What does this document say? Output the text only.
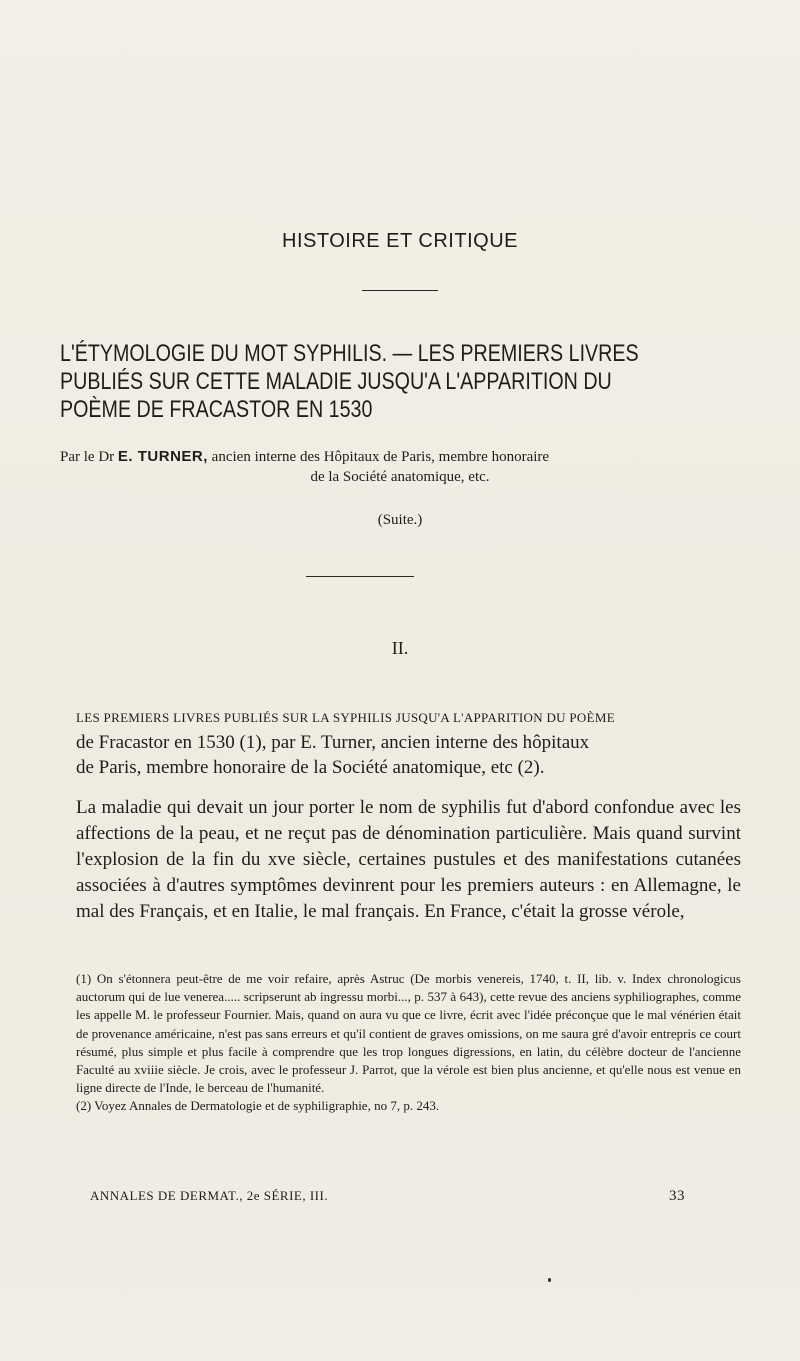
HISTOIRE ET CRITIQUE
L'ÉTYMOLOGIE DU MOT SYPHILIS. — LES PREMIERS LIVRES
PUBLIÉS SUR CETTE MALADIE JUSQU'A L'APPARITION DU
POÈME DE FRACASTOR EN 1530
Par le Dr E. TURNER, ancien interne des Hôpitaux de Paris, membre honoraire
de la Société anatomique, etc.
(Suite.)
II.
LES PREMIERS LIVRES PUBLIÉS SUR LA SYPHILIS JUSQU'A L'APPARITION DU POÈME
de Fracastor en 1530 (1), par E. Turner, ancien interne des hôpitaux
de Paris, membre honoraire de la Société anatomique, etc (2).

La maladie qui devait un jour porter le nom de syphilis fut d'abord confondue avec les affections de la peau, et ne reçut pas de dénomination particulière. Mais quand survint l'explosion de la fin du xve siècle, certaines pustules et des manifestations cutanées associées à d'autres symptômes devinrent pour les premiers auteurs : en Allemagne, le mal des Français, et en Italie, le mal français. En France, c'était la grosse vérole,

(1) On s'étonnera peut-être de me voir refaire, après Astruc (De morbis venereis, 1740, t. II, lib. v. Index chronologicus auctorum qui de lue venerea..... scripserunt ab ingressu morbi..., p. 537 à 643), cette revue des anciens syphiliographes, comme les appelle M. le professeur Fournier. Mais, quand on aura vu que ce livre, écrit avec l'idée préconçue que le mal vénérien était de provenance américaine, n'est pas sans erreurs et qu'il contient de graves omissions, on me saura gré d'avoir entrepris ce court résumé, plus simple et plus facile à comprendre que les trop longues digressions, en latin, du célèbre docteur de l'ancienne Faculté au xviiie siècle. Je crois, avec le professeur J. Parrot, que la vérole est bien plus ancienne, et qu'elle nous est venue en ligne directe de l'Inde, le berceau de l'humanité.

(2) Voyez Annales de Dermatologie et de syphiligraphie, no 7, p. 243.

ANNALES DE DERMAT., 2e SÉRIE, III.	33
